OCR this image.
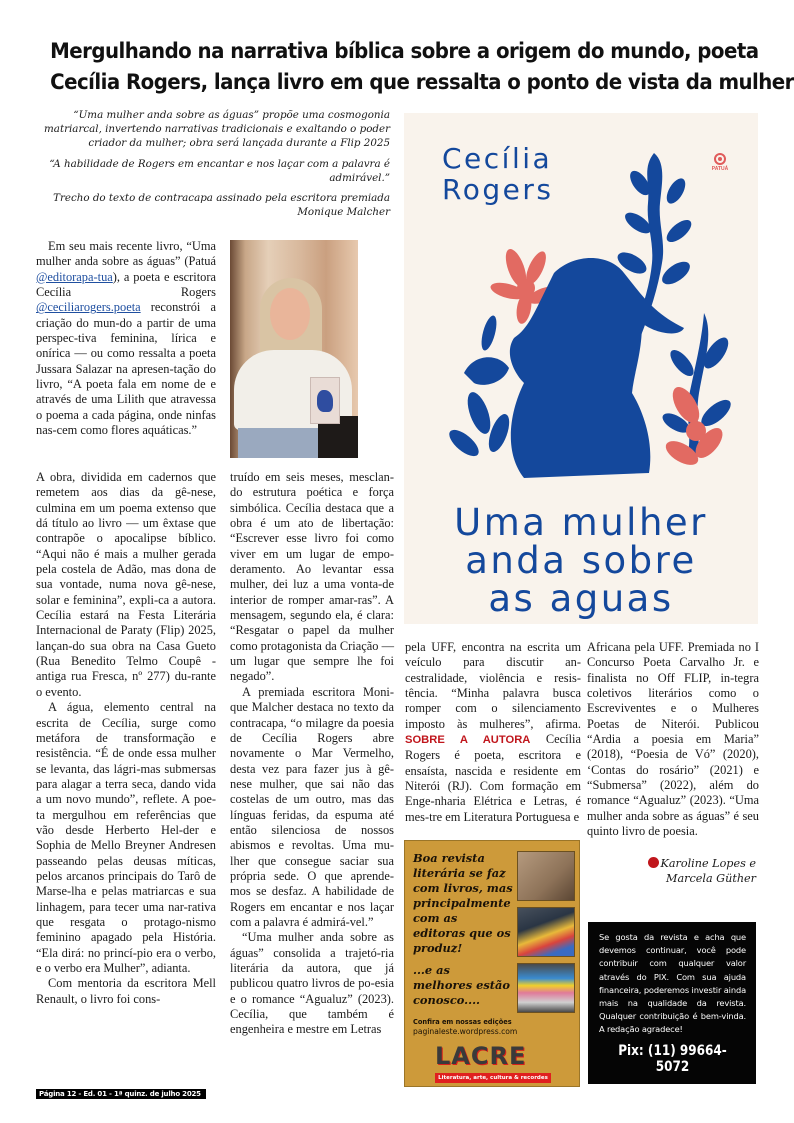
Mergulhando na narrativa bíblica sobre a origem do mundo, poeta
Cecília Rogers, lança livro em que ressalta o ponto de vista da mulher

“Uma mulher anda sobre as águas” propõe uma cosmogonia matriarcal, invertendo narrativas tradicionais e exaltando o poder criador da mulher; obra será lançada durante a Flip 2025

“A habilidade de Rogers em encantar e nos laçar com a palavra é admirável.”

Trecho do texto de contracapa assinado pela escritora premiada Monique Malcher

Em seu mais recente livro, “Uma mulher anda sobre as águas” (Patuá @editorapa-tua), a poeta e escritora Cecília Rogers @ceciliarogers.poeta reconstrói a criação do mun-do a partir de uma perspec-tiva feminina, lírica e onírica — ou como ressalta a poeta Jussara Salazar na apresen-tação do livro, “A poeta fala em nome de e através de uma Lilith que atravessa o poema a cada página, onde ninfas nas-cem como flores aquáticas.”

A obra, dividida em cadernos que remetem aos dias da gê-nese, culmina em um poema extenso que dá título ao livro — um êxtase que contrapõe o apocalipse bíblico. “Aqui não é mais a mulher gerada pela costela de Adão, mas dona de sua vontade, numa nova gê-nese, solar e feminina”, expli-ca a autora. Cecília estará na Festa Literária Internacional de Paraty (Flip) 2025, lançan-do sua obra na Casa Gueto (Rua Benedito Telmo Coupê - antiga rua Fresca, nº 277) du-rante o evento.

A água, elemento central na escrita de Cecília, surge como metáfora de transformação e resistência. “É de onde essa mulher se levanta, das lágri-mas submersas para alagar a terra seca, dando vida a um novo mundo”, reflete. A poe-ta mergulhou em referências que vão desde Herberto Hel-der e Sophia de Mello Breyner Andresen passeando pelas deusas míticas, pelos arcanos principais do Tarô de Marse-lha e pelas matriarcas e sua linhagem, para tecer uma nar-rativa que resgata o protago-nismo feminino apagado pela História. “Ela dirá: no princí-pio era o verbo, e o verbo era Mulher”, adianta.

Com mentoria da escritora Mell Renault, o livro foi cons-

truído em seis meses, mesclan-do estrutura poética e força simbólica. Cecília destaca que a obra é um ato de libertação: “Escrever esse livro foi como viver em um lugar de empo-deramento. Ao levantar essa mulher, dei luz a uma vonta-de interior de romper amar-ras”. A mensagem, segundo ela, é clara: “Resgatar o papel da mulher como protagonista da Criação — um lugar que sempre lhe foi negado”.

A premiada escritora Moni-que Malcher destaca no texto da contracapa, “o milagre da poesia de Cecília Rogers abre novamente o Mar Vermelho, desta vez para fazer jus à gê-nese mulher, que sai não das costelas de um outro, mas das línguas feridas, da espuma até então silenciosa de nossos abismos e revoltas. Uma mu-lher que consegue saciar sua própria sede. O que aprende-mos se desfaz. A habilidade de Rogers em encantar e nos laçar com a palavra é admirá-vel.”

“Uma mulher anda sobre as águas” consolida a trajetó-ria literária da autora, que já publicou quatro livros de po-esia e o romance “Agualuz” (2023). Cecília, que também é engenheira e mestre em Letras

Cecília
Rogers
PATUÁ
Uma mulher
anda sobre
as aguas

pela UFF, encontra na escrita um veículo para discutir an-cestralidade, violência e resis-tência. “Minha palavra busca romper com o silenciamento imposto às mulheres”, afirma. SOBRE A AUTORA Cecília Rogers é poeta, escritora e ensaísta, nascida e residente em Niterói (RJ). Com formação em Enge-nharia Elétrica e Letras, é mes-tre em Literatura Portuguesa e

Africana pela UFF. Premiada no I Concurso Poeta Carvalho Jr. e finalista no Off FLIP, in-tegra coletivos literários como o Escreviventes e o Mulheres Poetas de Niterói. Publicou “Ardia a poesia em Maria” (2018), “Poesia de Vó” (2020), ‘Contas do rosário” (2021) e “Submersa” (2022), além do romance “Agualuz” (2023). “Uma mulher anda sobre as águas” é seu quinto livro de poesia.

Karoline Lopes e
Marcela Güther
Boa revista literária se faz com livros, mas principalmente com as editoras que os produz!
...e as melhores estão conosco....
Confira em nossas edições
paginaleste.wordpress.com
LACRE
Literatura, arte, cultura & recordes
Se gosta da revista e acha que devemos continuar, você pode contribuir com qualquer valor através do PIX. Com sua ajuda financeira, poderemos investir ainda mais na qualidade da revista. Qualquer contribuição é bem-vinda. A redação agradece!
Pix: (11) 99664-5072
Página 12 - Ed. 01 - 1ª quinz. de julho 2025
